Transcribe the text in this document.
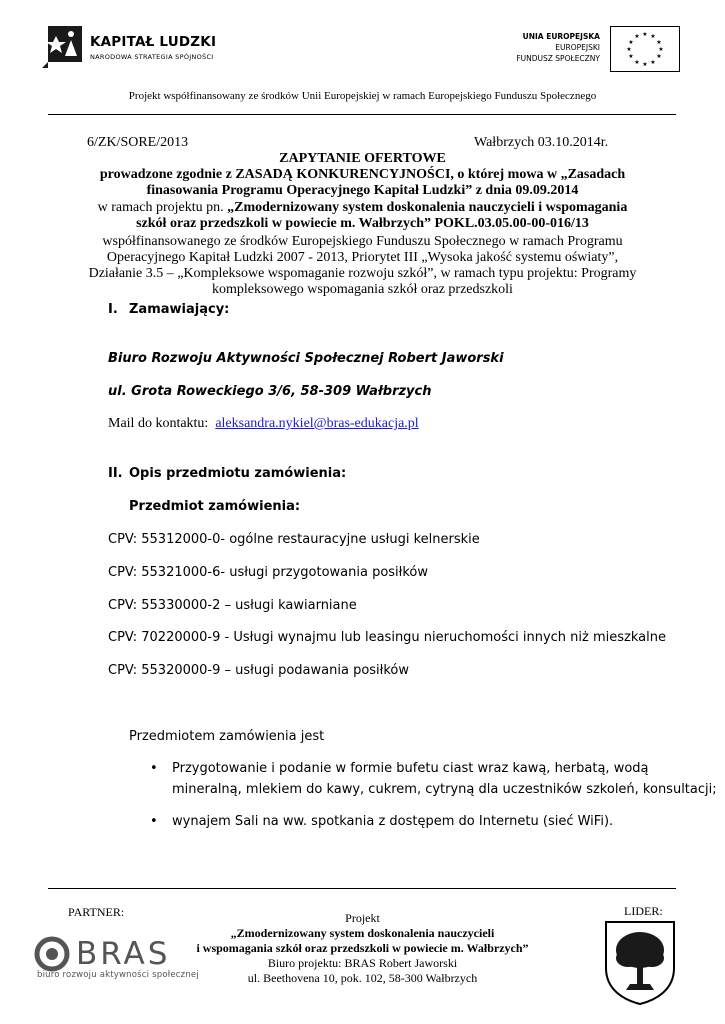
KAPITAŁ LUDZKI
NARODOWA STRATEGIA SPÓJNOŚCI
UNIA EUROPEJSKA
EUROPEJSKI
FUNDUSZ SPOŁECZNY
★ ★
★
★
★
★
★
★
★
★
★
★
Projekt współfinansowany ze środków Unii Europejskiej w ramach Europejskiego Funduszu Społecznego
6/ZK/SORE/2013	Wałbrzych 03.10.2014r.
ZAPYTANIE OFERTOWE
prowadzone zgodnie z ZASADĄ KONKURENCYJNOŚCI, o której mowa w „Zasadach
finasowania Programu Operacyjnego Kapitał Ludzki” z dnia 09.09.2014
w ramach projektu pn. „Zmodernizowany system doskonalenia nauczycieli i wspomagania
szkół oraz przedszkoli w powiecie m. Wałbrzych” POKL.03.05.00-00-016/13
współfinansowanego ze środków Europejskiego Funduszu Społecznego w ramach Programu
Operacyjnego Kapitał Ludzki 2007 - 2013, Priorytet III „Wysoka jakość systemu oświaty”,
Działanie 3.5 – „Kompleksowe wspomaganie rozwoju szkół”, w ramach typu projektu: Programy
kompleksowego wspomagania szkół oraz przedszkoli
I. Zamawiający:
Biuro Rozwoju Aktywności Społecznej Robert Jaworski
ul. Grota Roweckiego 3/6, 58-309 Wałbrzych
Mail do kontaktu: aleksandra.nykiel@bras-edukacja.pl
II. Opis przedmiotu zamówienia:
Przedmiot zamówienia:
CPV: 55312000-0- ogólne restauracyjne usługi kelnerskie
CPV: 55321000-6- usługi przygotowania posiłków
CPV: 55330000-2 – usługi kawiarniane
CPV: 70220000-9 - Usługi wynajmu lub leasingu nieruchomości innych niż mieszkalne
CPV: 55320000-9 – usługi podawania posiłków
Przedmiotem zamówienia jest
• Przygotowanie i podanie w formie bufetu ciast wraz kawą, herbatą, wodą
mineralną, mlekiem do kawy, cukrem, cytryną dla uczestników szkoleń, konsultacji;
• wynajem Sali na ww. spotkania z dostępem do Internetu (sieć WiFi).
PARTNER:	LIDER:
Projekt
„Zmodernizowany system doskonalenia nauczycieli
i wspomagania szkół oraz przedszkoli w powiecie m. Wałbrzych”
Biuro projektu: BRAS Robert Jaworski
ul. Beethovena 10, pok. 102, 58-300 Wałbrzych
BRAS
biuro rozwoju aktywności społecznej
